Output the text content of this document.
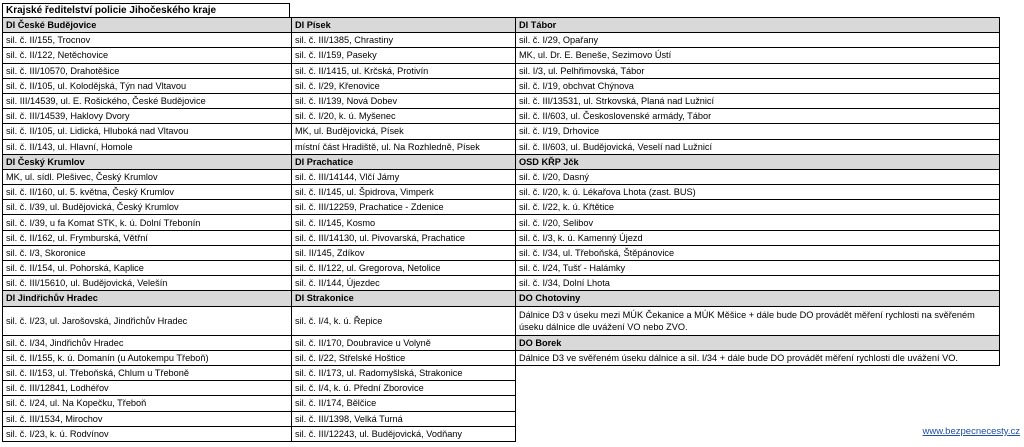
Krajské ředitelství policie Jihočeského kraje
DI České Budějovice	DI Písek	DI Tábor
sil. č. II/155, Trocnov	sil. č. III/1385, Chrastiny	sil. č. I/29, Opařany
sil. č. II/122, Netěchovice	sil. č. II/159, Paseky	MK, ul. Dr. E. Beneše, Sezimovo Ústí
sil. č. III/10570, Drahotěšice	sil. č. II/1415, ul. Krčská, Protivín	sil. I/3, ul. Pelhřimovská, Tábor
sil. č. II/105, ul. Kolodějská, Týn nad Vltavou	sil. č. I/29, Křenovice	sil. č. I/19, obchvat Chýnova
sil. III/14539, ul. E. Rošického, České Budějovice	sil. č. II/139, Nová Dobev	sil. č. III/13531, ul. Strkovská, Planá nad Lužnicí
sil. č. III/14539, Haklovy Dvory	sil. č. I/20, k. ú. Myšenec	sil. č. II/603, ul. Československé armády, Tábor
sil. č. II/105, ul. Lidická, Hluboká nad Vltavou	MK, ul. Budějovická, Písek	sil. č. I/19, Drhovice
sil. č. II/143, ul. Hlavní, Homole	místní část Hradiště, ul. Na Rozhledně, Písek	sil. č. II/603, ul. Budějovická, Veselí nad Lužnicí
DI Český Krumlov	DI Prachatice	OSD KŘP Jčk
MK, ul. sídl. Plešivec, Český Krumlov	sil. č. III/14144, Vlčí Jámy	sil. č. I/20, Dasný
sil. č. II/160, ul. 5. května, Český Krumlov	sil. č. II/145, ul. Špidrova, Vimperk	sil. č. I/20, k. ú. Lékařova Lhota (zast. BUS)
sil. č. I/39, ul. Budějovická, Český Krumlov	sil. č. III/12259, Prachatice - Zdenice	sil. č. I/22, k. ú. Křtětice
sil. č. I/39, u fa Komat STK, k. ú. Dolní Třebonín	sil. č. II/145, Kosmo	sil. č. I/20, Selibov
sil. č. II/162, ul. Frymburská, Větřní	sil. č. III/14130, ul. Pivovarská, Prachatice	sil. č. I/3, k. ú. Kamenný Újezd
sil. č. I/3, Skoronice	sil. II/145, Zdíkov	sil. č. I/34, ul. Třeboňská, Štěpánovice
sil. č. II/154, ul. Pohorská, Kaplice	sil. č. II/122, ul. Gregorova, Netolice	sil. č. I/24, Tušť - Halámky
sil. č. III/15610, ul. Budějovická, Velešín	sil. č. II/144, Újezdec	sil. č. I/34, Dolní Lhota
DI Jindřichův Hradec	DI Strakonice	DO Chotoviny
sil. č. I/23, ul. Jarošovská, Jindřichův Hradec	sil. č. I/4, k. ú. Řepice	Dálnice D3 v úseku mezi MÚK Čekanice a MÚK Měšice + dále bude DO provádět měření rychlosti na svěřeném úseku dálnice dle uvážení VO nebo ZVO.
sil. č. I/34, Jindřichův Hradec	sil. č. II/170, Doubravice u Volyně	DO Borek
sil. č. II/155, k. ú. Domanín (u Autokempu Třeboň)	sil. č. I/22, Střelské Hoštice	Dálnice D3 ve svěřeném úseku dálnice a sil. I/34 + dále bude DO provádět měření rychlosti dle uvážení VO.
sil. č. II/153, ul. Třeboňská, Chlum u Třeboně	sil. č. II/173, ul. Radomyšlská, Strakonice	
sil. č. III/12841, Lodhéřov	sil. č. I/4, k. ú. Přední Zborovice	
sil. č. I/24, ul. Na Kopečku, Třeboň	sil. č. II/174, Bělčice	
sil. č. III/1534, Mirochov	sil. č. III/1398, Velká Turná	
sil. č. I/23, k. ú. Rodvínov	sil. č. III/12243, ul. Budějovická, Vodňany		www.bezpecnecesty.cz
